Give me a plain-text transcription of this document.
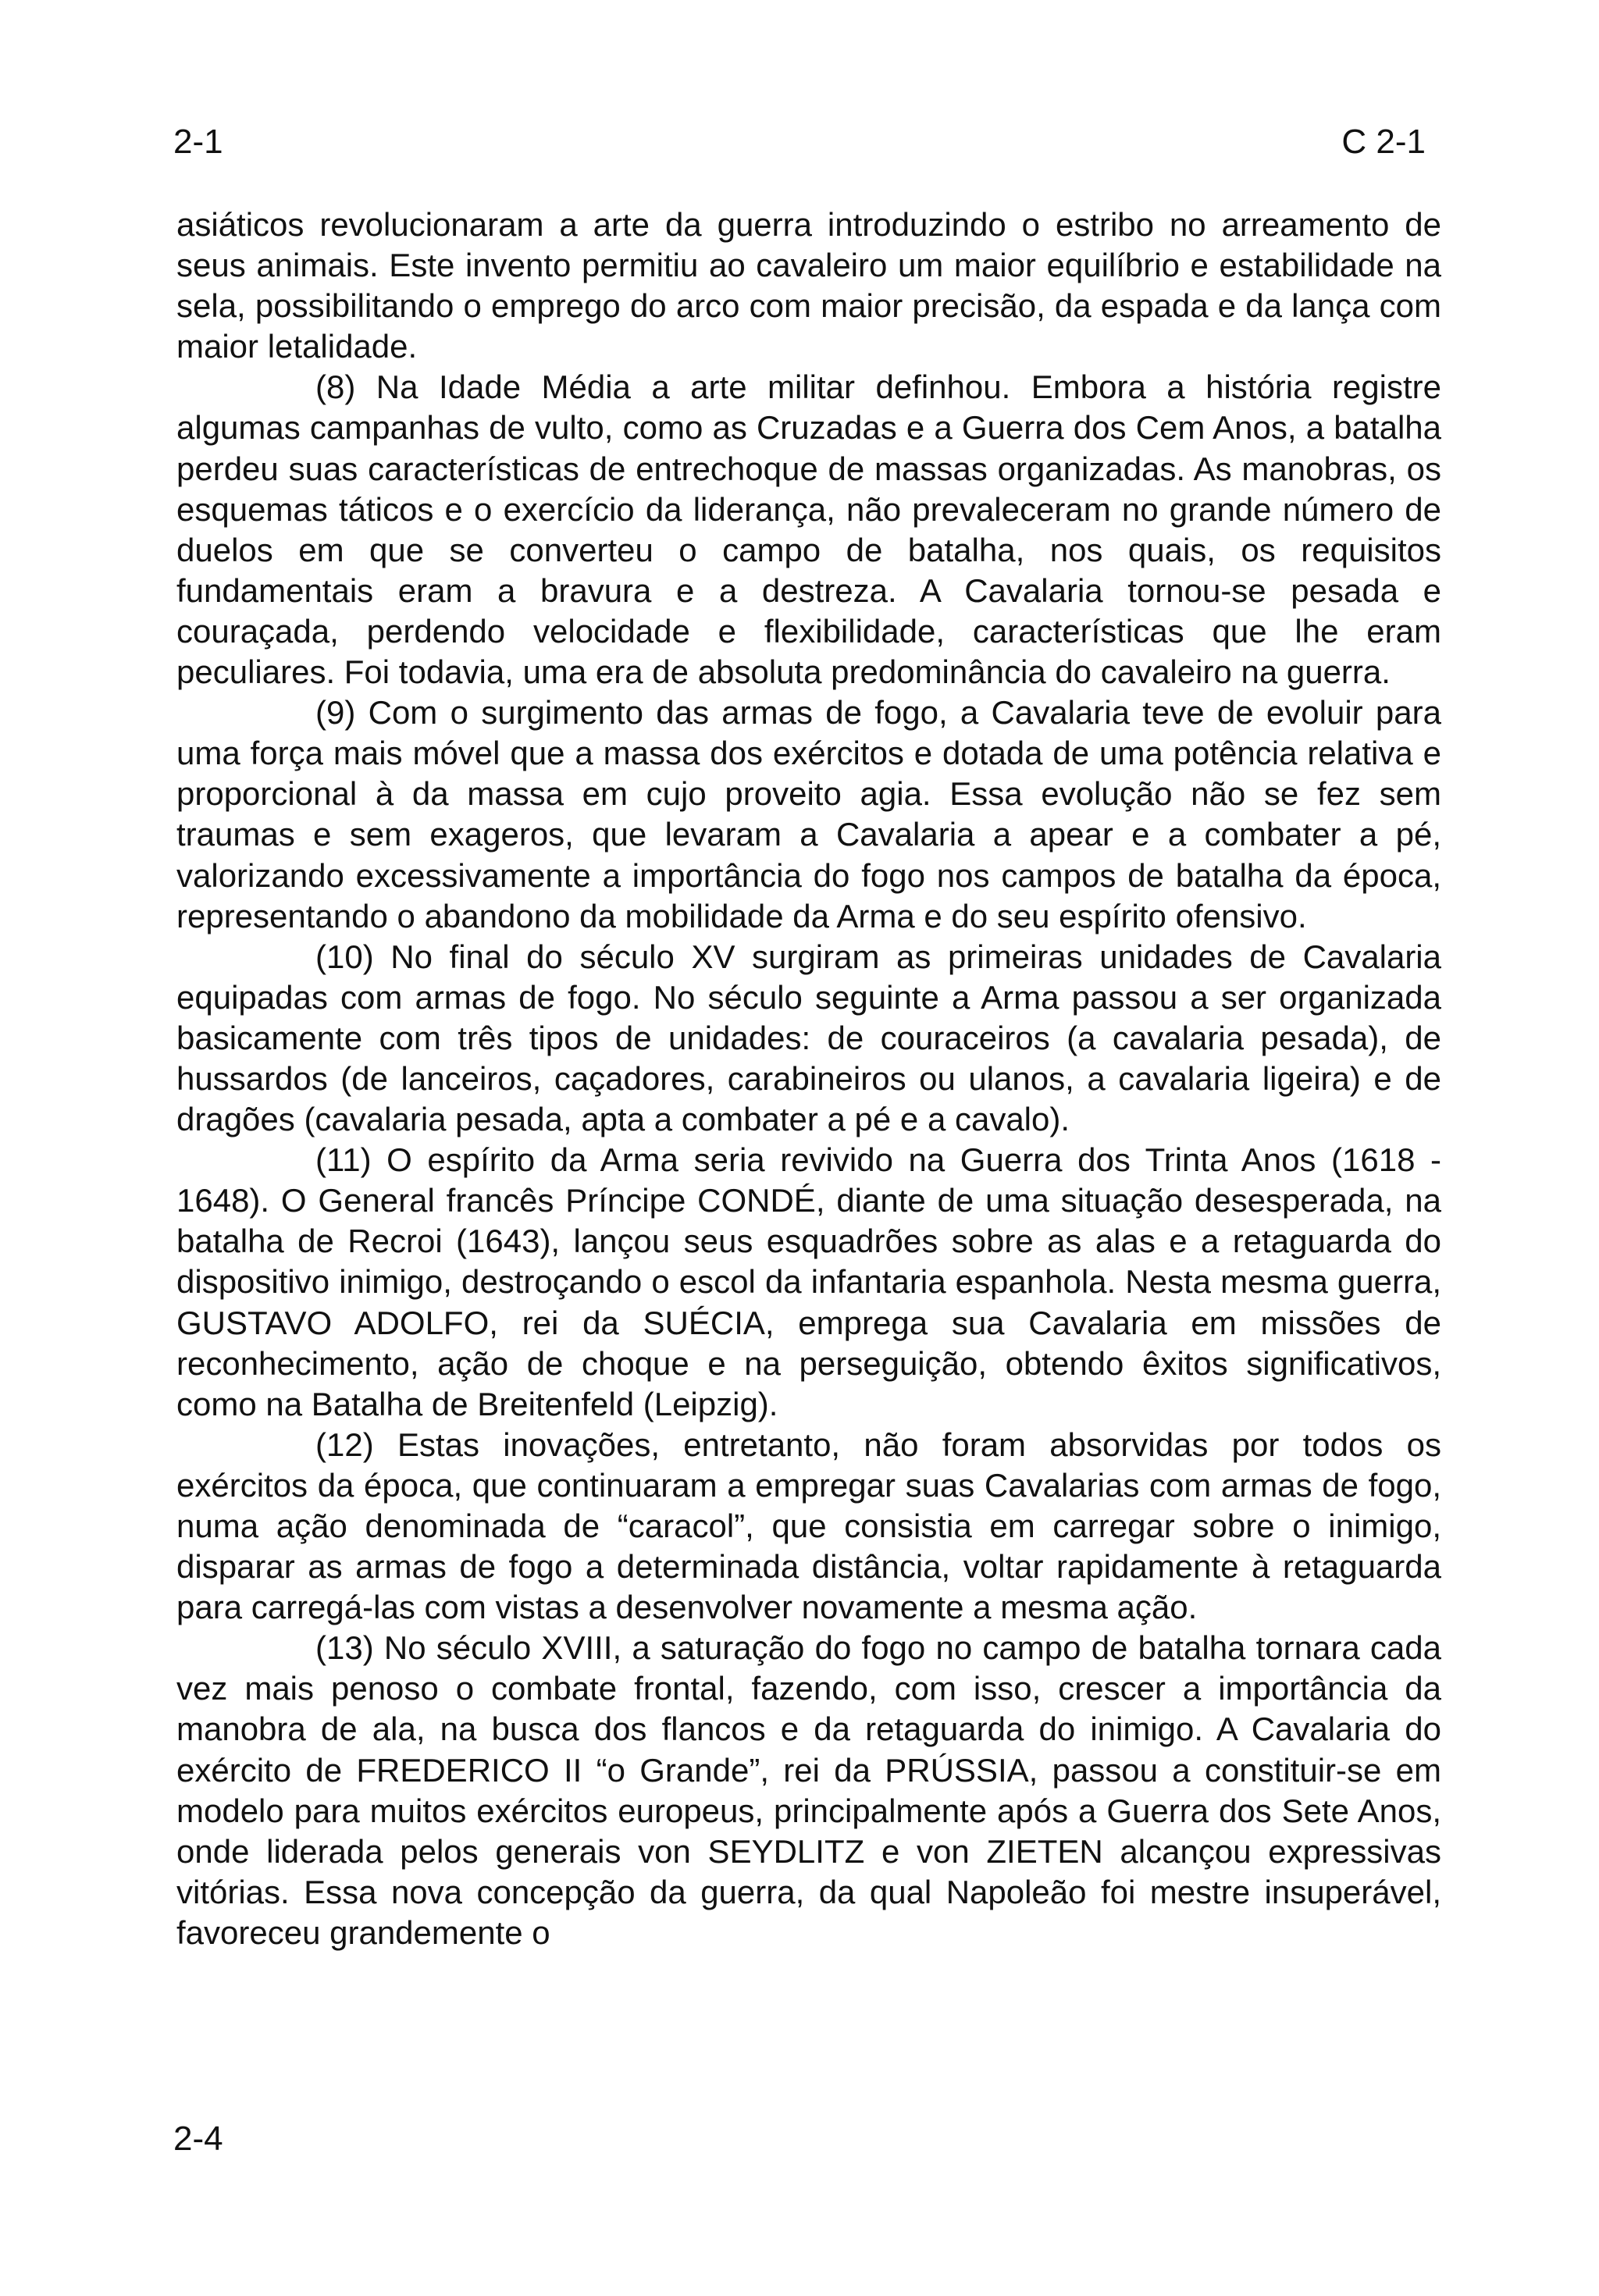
2-1	C 2-1

asiáticos revolucionaram a arte da guerra introduzindo o estribo no arreamento de seus animais. Este invento permitiu ao cavaleiro um maior equilíbrio e estabilidade na sela, possibilitando o emprego do arco com maior precisão, da espada e da lança com maior letalidade.

(8) Na Idade Média a arte militar definhou. Embora a história registre algumas campanhas de vulto, como as Cruzadas e a Guerra dos Cem Anos, a batalha perdeu suas características de entrechoque de massas organizadas. As manobras, os esquemas táticos e o exercício da liderança, não prevaleceram no grande número de duelos em que se converteu o campo de batalha, nos quais, os requisitos fundamentais eram a bravura e a destreza. A Cavalaria tornou-se pesada e couraçada, perdendo velocidade e flexibilidade, características que lhe eram peculiares. Foi todavia, uma era de absoluta predominância do cavaleiro na guerra.

(9) Com o surgimento das armas de fogo, a Cavalaria teve de evoluir para uma força mais móvel que a massa dos exércitos e dotada de uma potência relativa e proporcional à da massa em cujo proveito agia. Essa evolução não se fez sem traumas e sem exageros, que levaram a Cavalaria a apear e a combater a pé, valorizando excessivamente a importância do fogo nos campos de batalha da época, representando o abandono da mobilidade da Arma e do seu espírito ofensivo.

(10) No final do século XV surgiram as primeiras unidades de Cavalaria equipadas com armas de fogo. No século seguinte a Arma passou a ser organizada basicamente com três tipos de unidades: de couraceiros (a cavalaria pesada), de hussardos (de lanceiros, caçadores, carabineiros ou ulanos, a cavalaria ligeira) e de dragões (cavalaria pesada, apta a combater a pé e a cavalo).

(11) O espírito da Arma seria revivido na Guerra dos Trinta Anos (1618 - 1648). O General francês Príncipe CONDÉ, diante de uma situação desesperada, na batalha de Recroi (1643), lançou seus esquadrões sobre as alas e a retaguarda do dispositivo inimigo, destroçando o escol da infantaria espanhola. Nesta mesma guerra, GUSTAVO ADOLFO, rei da SUÉCIA, emprega sua Cavalaria em missões de reconhecimento, ação de choque e na perseguição, obtendo êxitos significativos, como na Batalha de Breitenfeld (Leipzig).

(12) Estas inovações, entretanto, não foram absorvidas por todos os exércitos da época, que continuaram a empregar suas Cavalarias com armas de fogo, numa ação denominada de “caracol”, que consistia em carregar sobre o inimigo, disparar as armas de fogo a determinada distância, voltar rapidamente à retaguarda para carregá-las com vistas a desenvolver novamente a mesma ação.

(13) No século XVIII, a saturação do fogo no campo de batalha tornara cada vez mais penoso o combate frontal, fazendo, com isso, crescer a importância da manobra de ala, na busca dos flancos e da retaguarda do inimigo. A Cavalaria do exército de FREDERICO II “o Grande”, rei da PRÚSSIA, passou a constituir-se em modelo para muitos exércitos europeus, principalmente após a Guerra dos Sete Anos, onde liderada pelos generais von SEYDLITZ e von ZIETEN alcançou expressivas vitórias. Essa nova concepção da guerra, da qual Napoleão foi mestre insuperável, favoreceu grandemente o

2-4
